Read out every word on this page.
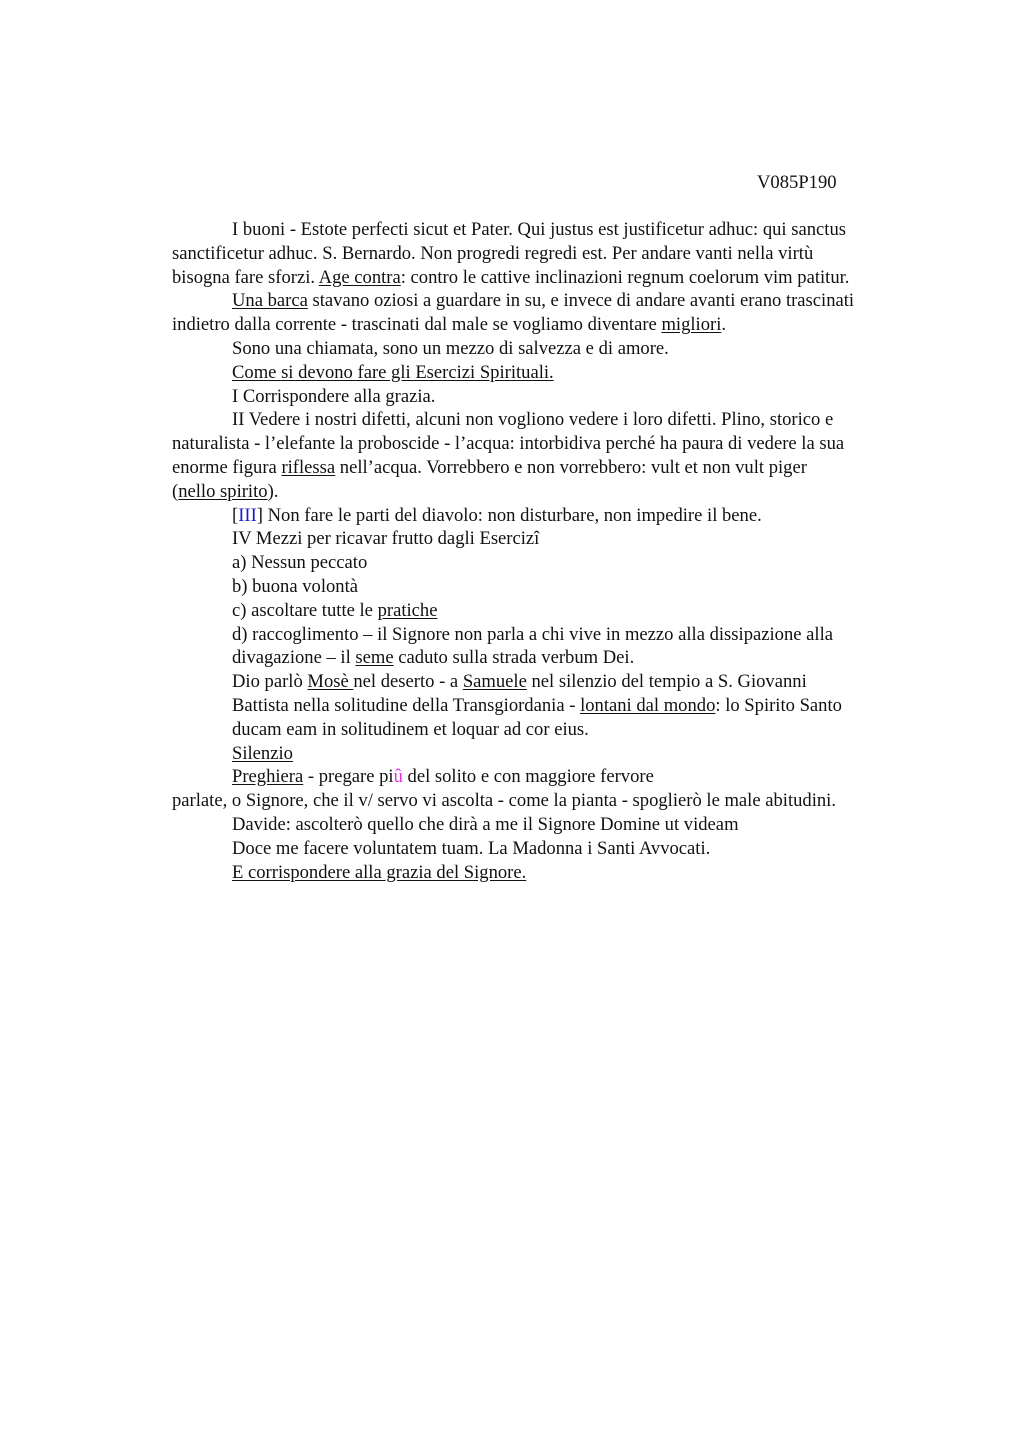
V085P190
I buoni - Estote perfecti sicut et Pater. Qui justus est justificetur adhuc: qui sanctus
sanctificetur adhuc. S. Bernardo. Non progredi regredi est. Per andare vanti nella virtù
bisogna fare sforzi. Age contra: contro le cattive inclinazioni regnum coelorum vim patitur.
Una barca stavano oziosi a guardare in su, e invece di andare avanti erano trascinati
indietro dalla corrente - trascinati dal male se vogliamo diventare migliori.
Sono una chiamata, sono un mezzo di salvezza e di amore.
Come si devono fare gli Esercizi Spirituali.
I Corrispondere alla grazia.
II Vedere i nostri difetti, alcuni non vogliono vedere i loro difetti. Plino, storico e
naturalista - l’elefante la proboscide - l’acqua: intorbidiva perché ha paura di vedere la sua
enorme figura riflessa nell’acqua. Vorrebbero e non vorrebbero: vult et non vult piger
(nello spirito).
[III] Non fare le parti del diavolo: non disturbare, non impedire il bene.
IV Mezzi per ricavar frutto dagli Esercizi
a) Nessun peccato
b) buona volontà
c) ascoltare tutte le pratiche
d) raccoglimento – il Signore non parla a chi vive in mezzo alla dissipazione alla
divagazione – il seme caduto sulla strada verbum Dei.
Dio parlò Mosè nel deserto - a Samuele nel silenzio del tempio a S. Giovanni
Battista nella solitudine della Transgiordania - lontani dal mondo: lo Spirito Santo
ducam eam in solitudinem et loquar ad cor eius.
Silenzio
Preghiera - pregare piû del solito e con maggiore fervore
parlate, o Signore, che il v/ servo vi ascolta - come la pianta - spoglierò le male abitudini.
Davide: ascolterò quello che dirà a me il Signore Domine ut videam
Doce me facere voluntatem tuam. La Madonna i Santi Avvocati.
E corrispondere alla grazia del Signore.
